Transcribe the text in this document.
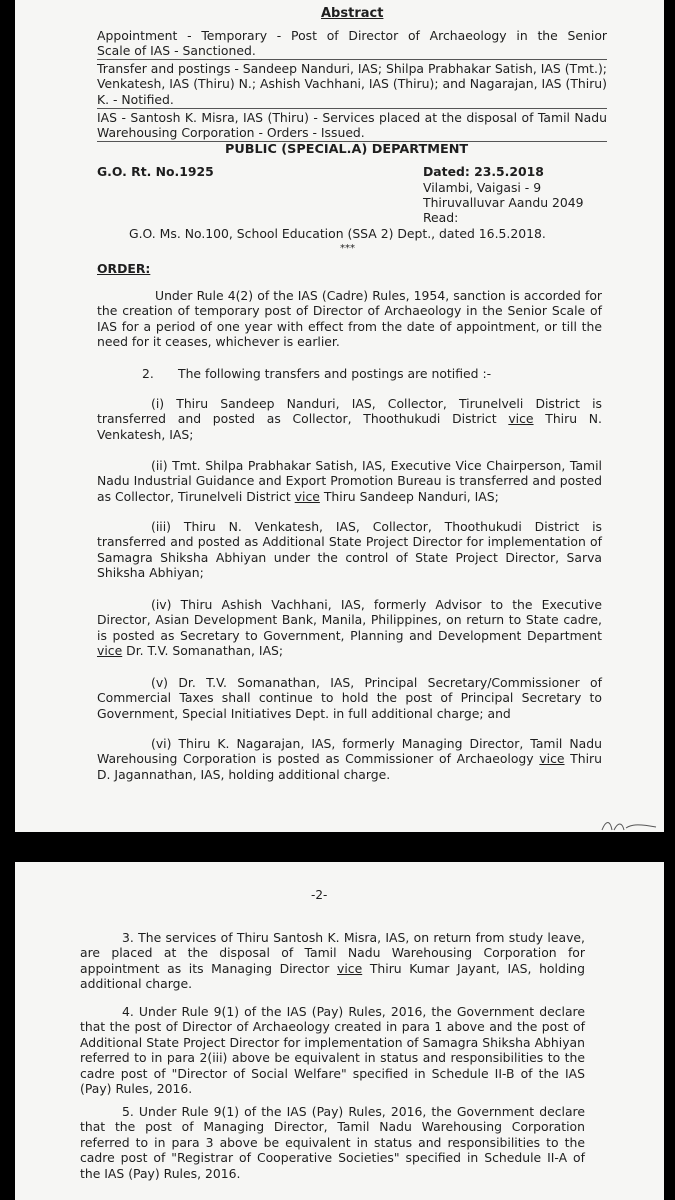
Abstract

Appointment - Temporary - Post of Director of Archaeology in the Senior

Scale of IAS - Sanctioned.

Transfer and postings - Sandeep Nanduri, IAS; Shilpa Prabhakar Satish, IAS (Tmt.); Venkatesh, IAS (Thiru) N.; Ashish Vachhani, IAS (Thiru); and Nagarajan, IAS (Thiru) K. - Notified.

IAS - Santosh K. Misra, IAS (Thiru) - Services placed at the disposal of Tamil Nadu Warehousing Corporation - Orders - Issued.

PUBLIC (SPECIAL.A) DEPARTMENT

G.O. Rt. No.1925	Dated: 23.5.2018

Vilambi, Vaigasi - 9

Thiruvalluvar Aandu 2049

Read:

G.O. Ms. No.100, School Education (SSA 2) Dept., dated 16.5.2018.

***

ORDER:

Under Rule 4(2) of the IAS (Cadre) Rules, 1954, sanction is accorded for the creation of temporary post of Director of Archaeology in the Senior Scale of IAS for a period of one year with effect from the date of appointment, or till the need for it ceases, whichever is earlier.

2. The following transfers and postings are notified :-

(i) Thiru Sandeep Nanduri, IAS, Collector, Tirunelveli District is transferred and posted as Collector, Thoothukudi District vice Thiru N. Venkatesh, IAS;

(ii) Tmt. Shilpa Prabhakar Satish, IAS, Executive Vice Chairperson, Tamil Nadu Industrial Guidance and Export Promotion Bureau is transferred and posted as Collector, Tirunelveli District vice Thiru Sandeep Nanduri, IAS;

(iii) Thiru N. Venkatesh, IAS, Collector, Thoothukudi District is transferred and posted as Additional State Project Director for implementation of Samagra Shiksha Abhiyan under the control of State Project Director, Sarva Shiksha Abhiyan;

(iv) Thiru Ashish Vachhani, IAS, formerly Advisor to the Executive Director, Asian Development Bank, Manila, Philippines, on return to State cadre, is posted as Secretary to Government, Planning and Development Department vice Dr. T.V. Somanathan, IAS;

(v) Dr. T.V. Somanathan, IAS, Principal Secretary/Commissioner of Commercial Taxes shall continue to hold the post of Principal Secretary to Government, Special Initiatives Dept. in full additional charge; and

(vi) Thiru K. Nagarajan, IAS, formerly Managing Director, Tamil Nadu Warehousing Corporation is posted as Commissioner of Archaeology vice Thiru D. Jagannathan, IAS, holding additional charge.

-2-

3. The services of Thiru Santosh K. Misra, IAS, on return from study leave, are placed at the disposal of Tamil Nadu Warehousing Corporation for appointment as its Managing Director vice Thiru Kumar Jayant, IAS, holding additional charge.

4. Under Rule 9(1) of the IAS (Pay) Rules, 2016, the Government declare that the post of Director of Archaeology created in para 1 above and the post of Additional State Project Director for implementation of Samagra Shiksha Abhiyan referred to in para 2(iii) above be equivalent in status and responsibilities to the cadre post of "Director of Social Welfare" specified in Schedule II-B of the IAS (Pay) Rules, 2016.

5. Under Rule 9(1) of the IAS (Pay) Rules, 2016, the Government declare that the post of Managing Director, Tamil Nadu Warehousing Corporation referred to in para 3 above be equivalent in status and responsibilities to the cadre post of "Registrar of Cooperative Societies" specified in Schedule II-A of the IAS (Pay) Rules, 2016.
